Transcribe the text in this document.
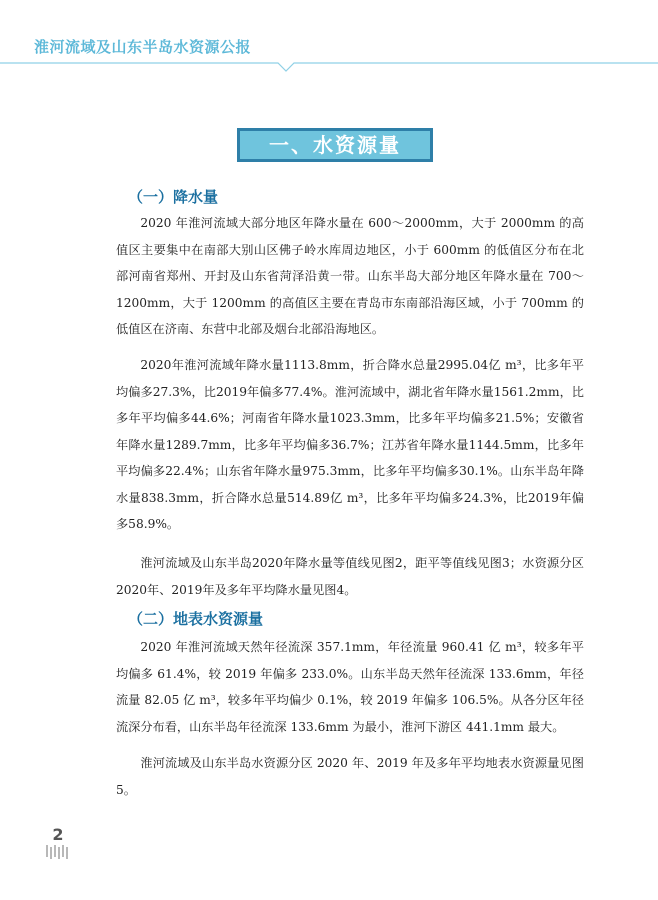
淮河流域及山东半岛水资源公报
一、水资源量
（一）降水量

2020 年淮河流域大部分地区年降水量在 600～2000mm，大于 2000mm 的高值区主要集中在南部大别山区佛子岭水库周边地区，小于 600mm 的低值区分布在北部河南省郑州、开封及山东省菏泽沿黄一带。山东半岛大部分地区年降水量在 700～1200mm，大于 1200mm 的高值区主要在青岛市东南部沿海区域，小于 700mm 的低值区在济南、东营中北部及烟台北部沿海地区。

2020年淮河流域年降水量1113.8mm，折合降水总量2995.04亿 m³，比多年平均偏多27.3%，比2019年偏多77.4%。淮河流域中，湖北省年降水量1561.2mm，比多年平均偏多44.6%；河南省年降水量1023.3mm，比多年平均偏多21.5%；安徽省年降水量1289.7mm，比多年平均偏多36.7%；江苏省年降水量1144.5mm，比多年平均偏多22.4%；山东省年降水量975.3mm，比多年平均偏多30.1%。山东半岛年降水量838.3mm，折合降水总量514.89亿 m³，比多年平均偏多24.3%，比2019年偏多58.9%。

淮河流域及山东半岛2020年降水量等值线见图2，距平等值线见图3；水资源分区2020年、2019年及多年平均降水量见图4。

（二）地表水资源量

2020 年淮河流域天然年径流深 357.1mm，年径流量 960.41 亿 m³，较多年平均偏多 61.4%，较 2019 年偏多 233.0%。山东半岛天然年径流深 133.6mm，年径流量 82.05 亿 m³，较多年平均偏少 0.1%，较 2019 年偏多 106.5%。从各分区年径流深分布看，山东半岛年径流深 133.6mm 为最小，淮河下游区 441.1mm 最大。

淮河流域及山东半岛水资源分区 2020 年、2019 年及多年平均地表水资源量见图 5。

2
